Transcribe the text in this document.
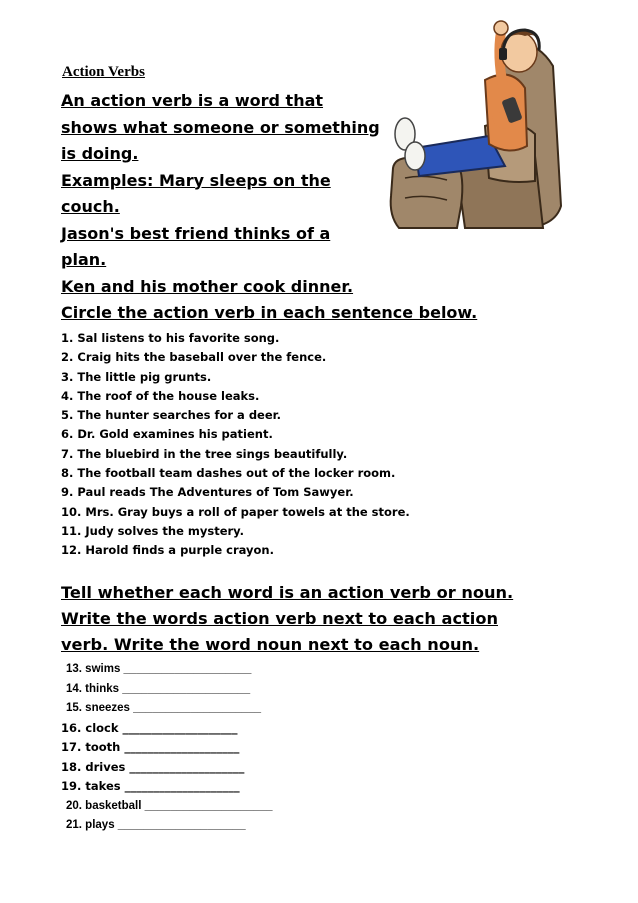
Action Verbs

An action verb is a word that

shows what someone or something

is doing.

Examples: Mary sleeps on the

couch.

Jason's best friend thinks of a

plan.

Ken and his mother cook dinner.

Circle the action verb in each sentence below.

1. Sal listens to his favorite song.
2. Craig hits the baseball over the fence.
3. The little pig grunts.
4. The roof of the house leaks.
5. The hunter searches for a deer.
6. Dr. Gold examines his patient.
7. The bluebird in the tree sings beautifully.
8. The football team dashes out of the locker room.
9. Paul reads The Adventures of Tom Sawyer.
10. Mrs. Gray buys a roll of paper towels at the store.
11. Judy solves the mystery.
12. Harold finds a purple crayon.

Tell whether each word is an action verb or noun.

Write the words action verb next to each action

verb. Write the word noun next to each noun.

13. swims ____________________
14. thinks ____________________
15. sneezes ____________________
16. clock ____________________
17. tooth ____________________
18. drives ____________________
19. takes ____________________
20. basketball ____________________
21. plays ____________________
